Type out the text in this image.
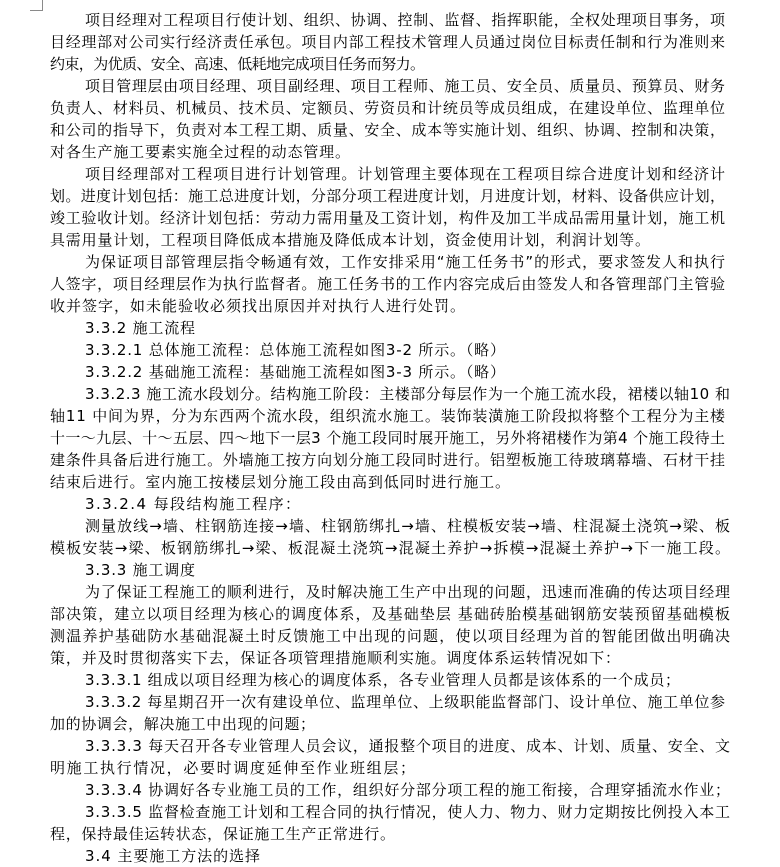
项目经理对工程项目行使计划、组织、协调、控制、监督、指挥职能，全权处理项目事务，项
目经理部对公司实行经济责任承包。项目内部工程技术管理人员通过岗位目标责任制和行为准则来
约束，为优质、安全、高速、低耗地完成项目任务而努力。
项目管理层由项目经理、项目副经理、项目工程师、施工员、安全员、质量员、预算员、财务
负责人、材料员、机械员、技术员、定额员、劳资员和计统员等成员组成，在建设单位、监理单位
和公司的指导下，负责对本工程工期、质量、安全、成本等实施计划、组织、协调、控制和决策，
对各生产施工要素实施全过程的动态管理。
项目经理部对工程项目进行计划管理。计划管理主要体现在工程项目综合进度计划和经济计
划。进度计划包括：施工总进度计划，分部分项工程进度计划，月进度计划，材料、设备供应计划，
竣工验收计划。经济计划包括：劳动力需用量及工资计划，构件及加工半成品需用量计划，施工机
具需用量计划，工程项目降低成本措施及降低成本计划，资金使用计划，利润计划等。
为保证项目部管理层指令畅通有效，工作安排采用“施工任务书”的形式，要求签发人和执行
人签字，项目经理层作为执行监督者。施工任务书的工作内容完成后由签发人和各管理部门主管验
收并签字，如未能验收必须找出原因并对执行人进行处罚。
3.3.2 施工流程
3.3.2.1 总体施工流程：总体施工流程如图3-2 所示。（略）
3.3.2.2 基础施工流程：基础施工流程如图3-3 所示。（略）
3.3.2.3 施工流水段划分。结构施工阶段：主楼部分每层作为一个施工流水段，裙楼以轴10 和
轴11 中间为界，分为东西两个流水段，组织流水施工。装饰装潢施工阶段拟将整个工程分为主楼
十一～九层、十～五层、四～地下一层3 个施工段同时展开施工，另外将裙楼作为第4 个施工段待土
建条件具备后进行施工。外墙施工按方向划分施工段同时进行。铝塑板施工待玻璃幕墙、石材干挂
结束后进行。室内施工按楼层划分施工段由高到低同时进行施工。
3.3.2.4 每段结构施工程序：
测量放线→墙、柱钢筋连接→墙、柱钢筋绑扎→墙、柱模板安装→墙、柱混凝土浇筑→梁、板
模板安装→梁、板钢筋绑扎→梁、板混凝土浇筑→混凝土养护→拆模→混凝土养护→下一施工段。
3.3.3 施工调度
为了保证工程施工的顺利进行，及时解决施工生产中出现的问题，迅速而准确的传达项目经理
部决策，建立以项目经理为核心的调度体系，及基础垫层 基础砖胎模基础钢筋安装预留基础模板
测温养护基础防水基础混凝土时反馈施工中出现的问题，使以项目经理为首的智能团做出明确决
策，并及时贯彻落实下去，保证各项管理措施顺利实施。调度体系运转情况如下：
3.3.3.1 组成以项目经理为核心的调度体系，各专业管理人员都是该体系的一个成员；
3.3.3.2 每星期召开一次有建设单位、监理单位、上级职能监督部门、设计单位、施工单位参
加的协调会，解决施工中出现的问题；
3.3.3.3 每天召开各专业管理人员会议，通报整个项目的进度、成本、计划、质量、安全、文
明施工执行情况，必要时调度延伸至作业班组层；
3.3.3.4 协调好各专业施工员的工作，组织好分部分项工程的施工衔接，合理穿插流水作业；
3.3.3.5 监督检查施工计划和工程合同的执行情况，使人力、物力、财力定期按比例投入本工
程，保持最佳运转状态，保证施工生产正常进行。
3.4 主要施工方法的选择
